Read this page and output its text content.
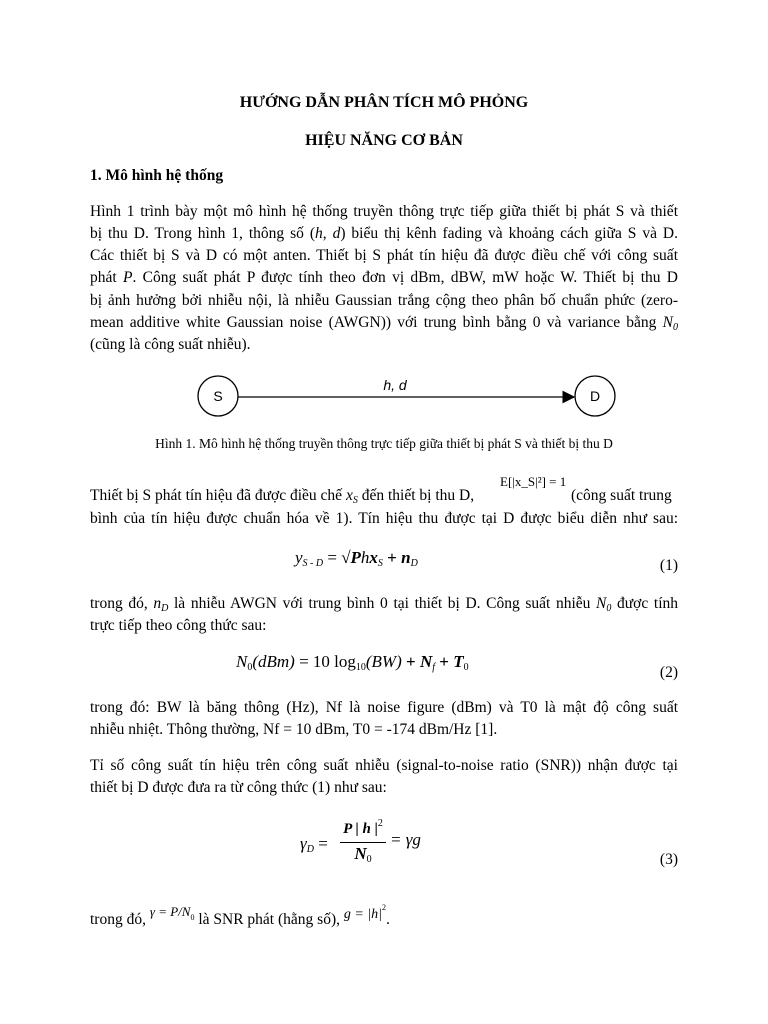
HƯỚNG DẪN PHÂN TÍCH MÔ PHỎNG
HIỆU NĂNG CƠ BẢN
1. Mô hình hệ thống
Hình 1 trình bày một mô hình hệ thống truyền thông trực tiếp giữa thiết bị phát S và thiết
bị thu D. Trong hình 1, thông số (h, d) biểu thị kênh fading và khoảng cách giữa S và D.
Các thiết bị S và D có một anten. Thiết bị S phát tín hiệu đã được điều chế với công suất
phát P. Công suất phát P được tính theo đơn vị dBm, dBW, mW hoặc W. Thiết bị thu D
bị ảnh hưởng bởi nhiễu nội, là nhiễu Gaussian trắng cộng theo phân bố chuẩn phức (zero-
mean additive white Gaussian noise (AWGN)) với trung bình bằng 0 và variance bằng $N_0$
(cũng là công suất nhiễu).
S
h, d
D
Hình 1. Mô hình hệ thống truyền thông trực tiếp giữa thiết bị phát S và thiết bị thu D
Thiết bị S phát tín hiệu đã được điều chế $x_S$ đến thiết bị thu D,
E[|x_S|²] = 1
(công suất trung
bình của tín hiệu được chuẩn hóa về 1). Tín hiệu thu được tại D được biểu diễn như sau:
$y_{S - D} = √Phx_S + n_D$	(1)
trong đó, $n_D$ là nhiễu AWGN với trung bình 0 tại thiết bị D. Công suất nhiễu $N_0$ được tính
trực tiếp theo công thức sau:
$N_0(dBm) = 10$ $\log_{10}(BW) + N_f + T_0$	(2)
trong đó: BW là băng thông (Hz), Nf là noise figure (dBm) và T0 là mật độ công suất
nhiễu nhiệt. Thông thường, Nf = 10 dBm, T0 = -174 dBm/Hz [1].
Tỉ số công suất tín hiệu trên công suất nhiễu (signal-to-noise ratio (SNR)) nhận được tại
thiết bị D được đưa ra từ công thức (1) như sau:
$\gamma_D$ =
P | h $|^2$
$N_0$
= γg
(3)
trong đó, $^{\gamma = P/N0}$ là SNR phát (hằng số), $g = |h|^2$.
